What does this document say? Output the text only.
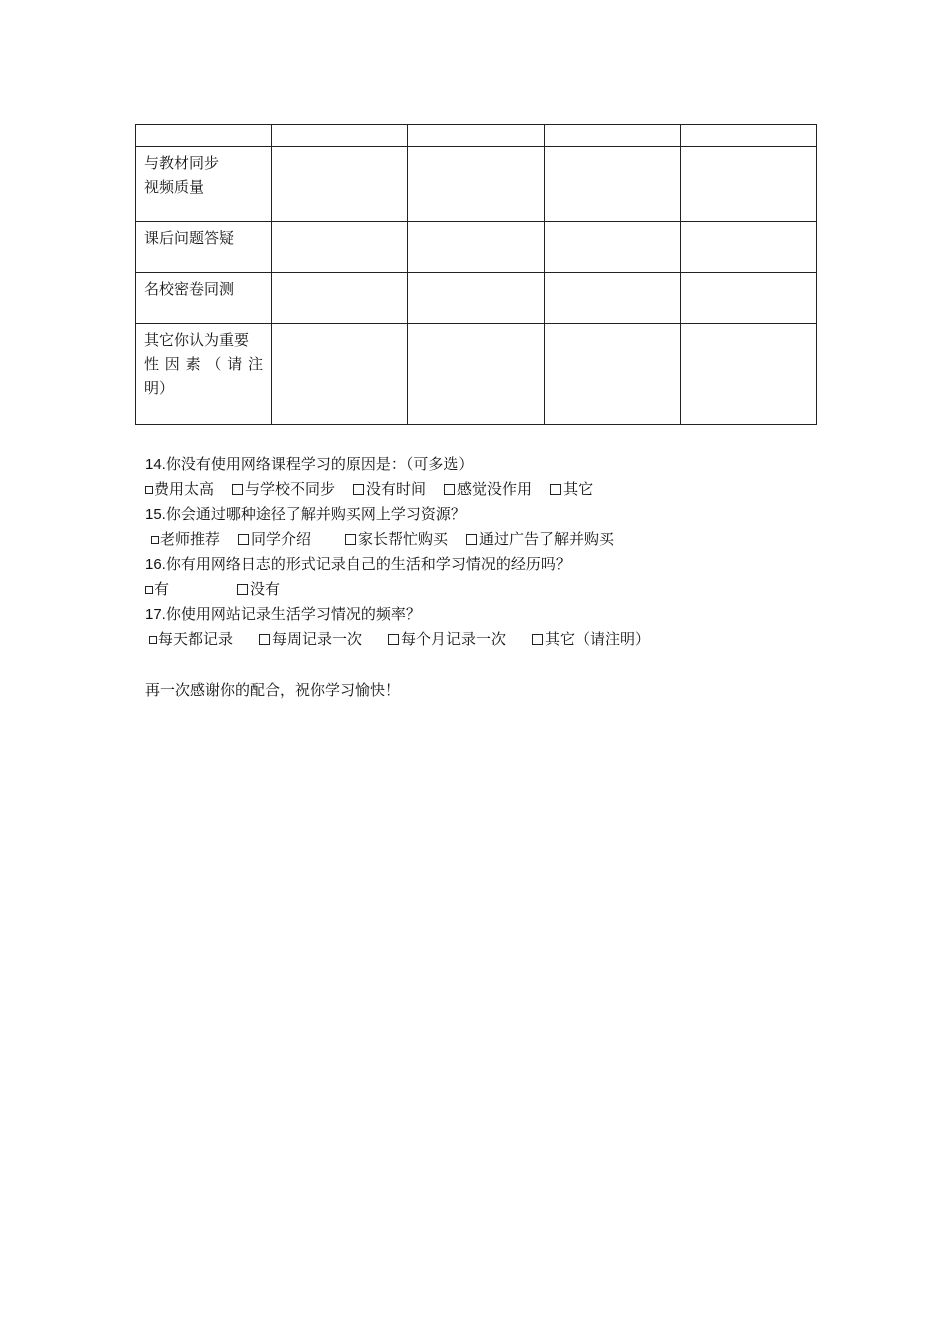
与教材同步
视频质量				

课后问题答疑				

名校密卷同测				

其它你认为重要
性因素（请注
明）				

14.你没有使用网络课程学习的原因是：（可多选）
费用太高 与学校不同步 没有时间 感觉没作用 其它
15.你会通过哪种途径了解并购买网上学习资源？
老师推荐 同学介绍	家长帮忙购买 通过广告了解并购买
16.你有用网络日志的形式记录自己的生活和学习情况的经历吗？
有	没有
17.你使用网站记录生活学习情况的频率？
每天都记录	每周记录一次	每个月记录一次	其它（请注明）
再一次感谢你的配合，祝你学习愉快！
